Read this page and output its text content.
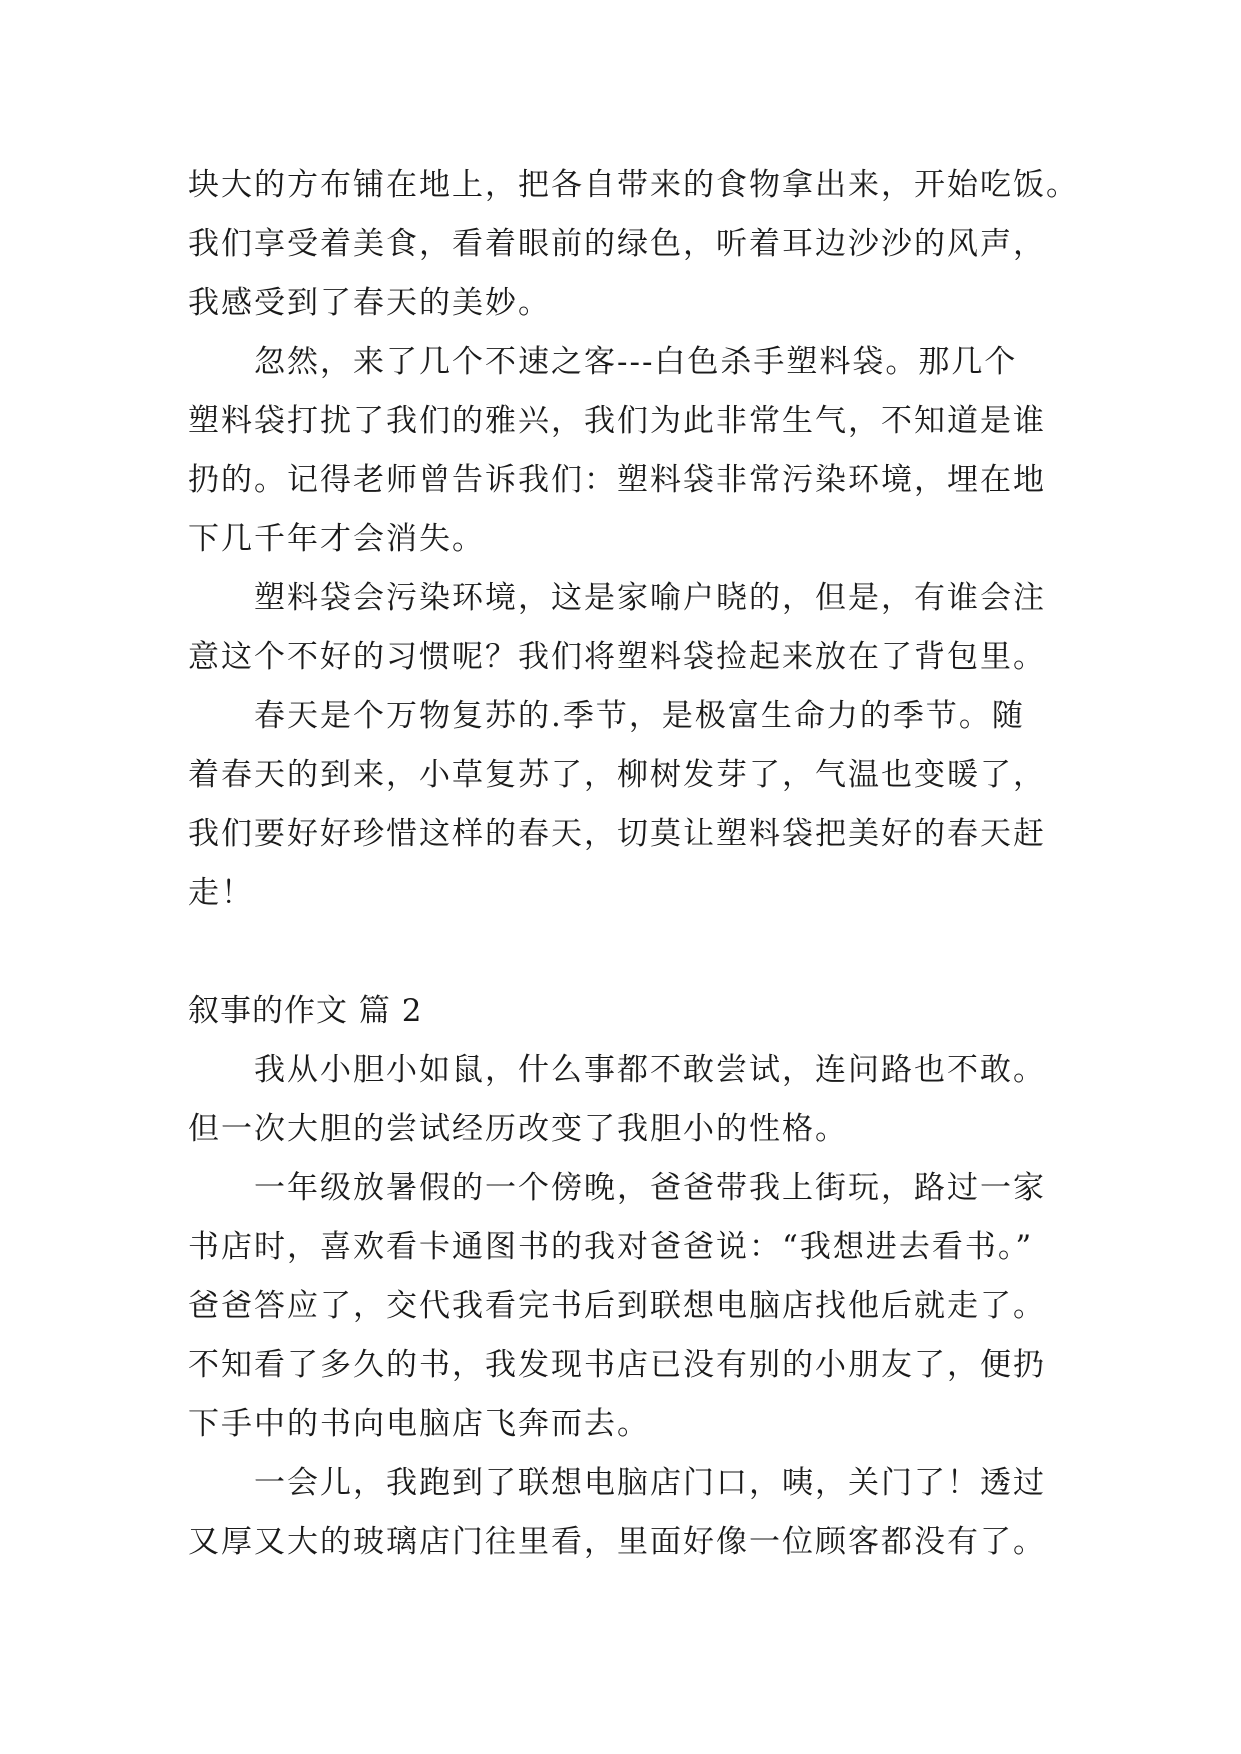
块大的方布铺在地上，把各自带来的食物拿出来，开始吃饭。
我们享受着美食，看着眼前的绿色，听着耳边沙沙的风声，
我感受到了春天的美妙。
忽然，来了几个不速之客---白色杀手塑料袋。那几个
塑料袋打扰了我们的雅兴，我们为此非常生气，不知道是谁
扔的。记得老师曾告诉我们：塑料袋非常污染环境，埋在地
下几千年才会消失。
塑料袋会污染环境，这是家喻户晓的，但是，有谁会注
意这个不好的习惯呢？我们将塑料袋捡起来放在了背包里。
春天是个万物复苏的.季节，是极富生命力的季节。随
着春天的到来，小草复苏了，柳树发芽了，气温也变暖了，
我们要好好珍惜这样的春天，切莫让塑料袋把美好的春天赶
走！
叙事的作文 篇 2
我从小胆小如鼠，什么事都不敢尝试，连问路也不敢。
但一次大胆的尝试经历改变了我胆小的性格。
一年级放暑假的一个傍晚，爸爸带我上街玩，路过一家
书店时，喜欢看卡通图书的我对爸爸说：“我想进去看书。”
爸爸答应了，交代我看完书后到联想电脑店找他后就走了。
不知看了多久的书，我发现书店已没有别的小朋友了，便扔
下手中的书向电脑店飞奔而去。
一会儿，我跑到了联想电脑店门口，咦，关门了！透过
又厚又大的玻璃店门往里看，里面好像一位顾客都没有了。
